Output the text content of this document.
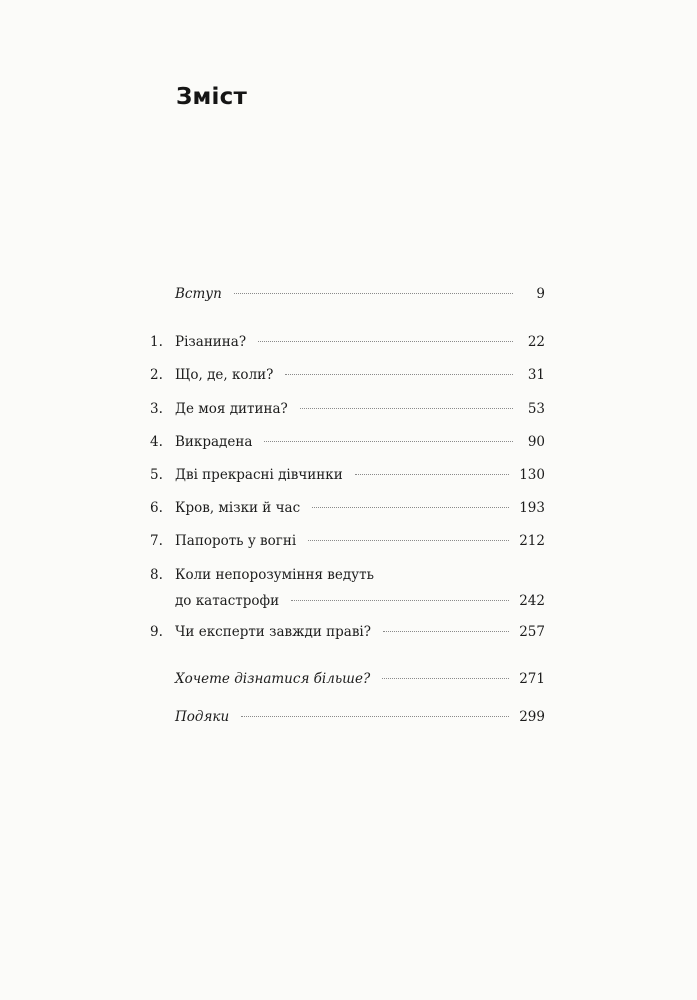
Зміст
Вступ	9
1. Різанина?	22
2. Що, де, коли?	31
3. Де моя дитина?	53
4. Викрадена	90
5. Дві прекрасні дівчинки	130
6. Кров, мізки й час	193
7. Папороть у вогні	212
8. Коли непорозуміння ведуть
до катастрофи	242
9. Чи експерти завжди праві?	257
Хочете дізнатися більше?	271
Подяки	299
